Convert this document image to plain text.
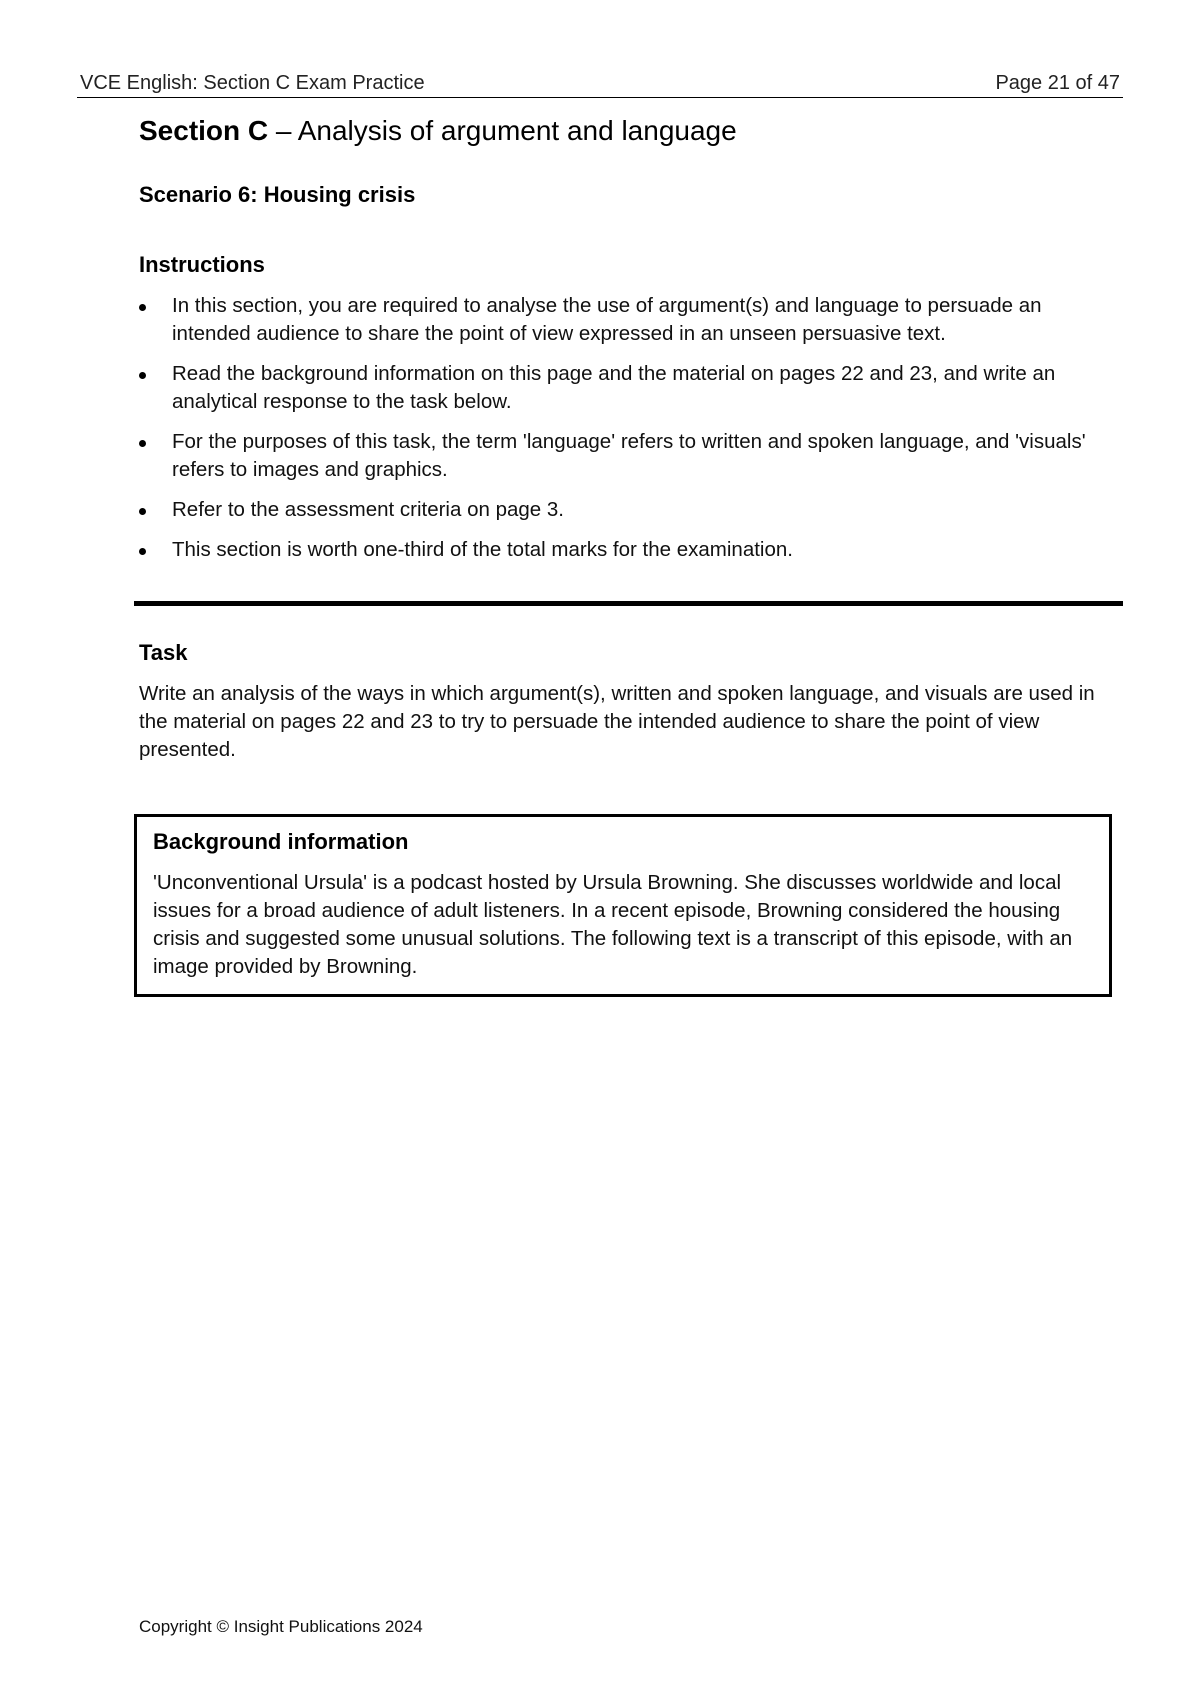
VCE English: Section C Exam Practice	Page 21 of 47
Section C – Analysis of argument and language
Scenario 6: Housing crisis
Instructions
In this section, you are required to analyse the use of argument(s) and language to persuade an intended audience to share the point of view expressed in an unseen persuasive text.
Read the background information on this page and the material on pages 22 and 23, and write an analytical response to the task below.
For the purposes of this task, the term 'language' refers to written and spoken language, and 'visuals' refers to images and graphics.
Refer to the assessment criteria on page 3.
This section is worth one-third of the total marks for the examination.
Task

Write an analysis of the ways in which argument(s), written and spoken language, and visuals are used in the material on pages 22 and 23 to try to persuade the intended audience to share the point of view presented.

Background information

'Unconventional Ursula' is a podcast hosted by Ursula Browning. She discusses worldwide and local issues for a broad audience of adult listeners. In a recent episode, Browning considered the housing crisis and suggested some unusual solutions. The following text is a transcript of this episode, with an image provided by Browning.

Copyright © Insight Publications 2024
